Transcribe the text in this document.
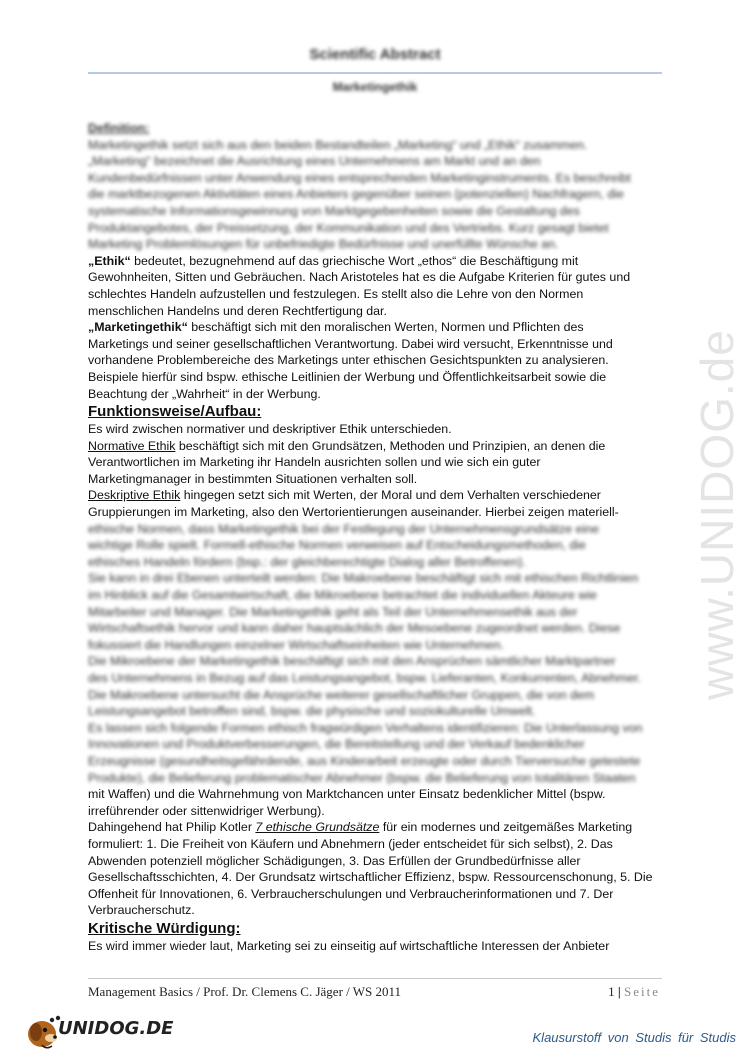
Scientific Abstract
Marketingethik

Definition:

Marketingethik setzt sich aus den beiden Bestandteilen „Marketing“ und „Ethik“ zusammen.

„Marketing“ bezeichnet die Ausrichtung eines Unternehmens am Markt und an den

Kundenbedürfnissen unter Anwendung eines entsprechenden Marketinginstruments. Es beschreibt

die marktbezogenen Aktivitäten eines Anbieters gegenüber seinen (potenziellen) Nachfragern, die

systematische Informationsgewinnung von Marktgegebenheiten sowie die Gestaltung des

Produktangebotes, der Preissetzung, der Kommunikation und des Vertriebs. Kurz gesagt bietet

Marketing Problemlösungen für unbefriedigte Bedürfnisse und unerfüllte Wünsche an.

„Ethik“ bedeutet, bezugnehmend auf das griechische Wort „ethos“ die Beschäftigung mit

Gewohnheiten, Sitten und Gebräuchen. Nach Aristoteles hat es die Aufgabe Kriterien für gutes und

schlechtes Handeln aufzustellen und festzulegen. Es stellt also die Lehre von den Normen

menschlichen Handelns und deren Rechtfertigung dar.

„Marketingethik“ beschäftigt sich mit den moralischen Werten, Normen und Pflichten des

Marketings und seiner gesellschaftlichen Verantwortung. Dabei wird versucht, Erkenntnisse und

vorhandene Problembereiche des Marketings unter ethischen Gesichtspunkten zu analysieren.

Beispiele hierfür sind bspw. ethische Leitlinien der Werbung und Öffentlichkeitsarbeit sowie die

Beachtung der „Wahrheit“ in der Werbung.

Funktionsweise/Aufbau:

Es wird zwischen normativer und deskriptiver Ethik unterschieden.

Normative Ethik beschäftigt sich mit den Grundsätzen, Methoden und Prinzipien, an denen die

Verantwortlichen im Marketing ihr Handeln ausrichten sollen und wie sich ein guter

Marketingmanager in bestimmten Situationen verhalten soll.

Deskriptive Ethik hingegen setzt sich mit Werten, der Moral und dem Verhalten verschiedener

Gruppierungen im Marketing, also den Wertorientierungen auseinander. Hierbei zeigen materiell-

ethische Normen, dass Marketingethik bei der Festlegung der Unternehmensgrundsätze eine

wichtige Rolle spielt. Formell-ethische Normen verweisen auf Entscheidungsmethoden, die

ethisches Handeln fördern (bsp.: der gleichberechtigte Dialog aller Betroffenen).

Sie kann in drei Ebenen unterteilt werden: Die Makroebene beschäftigt sich mit ethischen Richtlinien

im Hinblick auf die Gesamtwirtschaft, die Mikroebene betrachtet die individuellen Akteure wie

Mitarbeiter und Manager. Die Marketingethik geht als Teil der Unternehmensethik aus der

Wirtschaftsethik hervor und kann daher hauptsächlich der Mesoebene zugeordnet werden. Diese

fokussiert die Handlungen einzelner Wirtschaftseinheiten wie Unternehmen.

Die Mikroebene der Marketingethik beschäftigt sich mit den Ansprüchen sämtlicher Marktpartner

des Unternehmens in Bezug auf das Leistungsangebot, bspw. Lieferanten, Konkurrenten, Abnehmer.

Die Makroebene untersucht die Ansprüche weiterer gesellschaftlicher Gruppen, die von dem

Leistungsangebot betroffen sind, bspw. die physische und soziokulturelle Umwelt.

Es lassen sich folgende Formen ethisch fragwürdigen Verhaltens identifizieren: Die Unterlassung von

Innovationen und Produktverbesserungen, die Bereitstellung und der Verkauf bedenklicher

Erzeugnisse (gesundheitsgefährdende, aus Kinderarbeit erzeugte oder durch Tierversuche getestete

Produkte), die Belieferung problematischer Abnehmer (bspw. die Belieferung von totalitären Staaten

mit Waffen) und die Wahrnehmung von Marktchancen unter Einsatz bedenklicher Mittel (bspw.

irreführender oder sittenwidriger Werbung).

Dahingehend hat Philip Kotler 7 ethische Grundsätze für ein modernes und zeitgemäßes Marketing

formuliert: 1. Die Freiheit von Käufern und Abnehmern (jeder entscheidet für sich selbst), 2. Das

Abwenden potenziell möglicher Schädigungen, 3. Das Erfüllen der Grundbedürfnisse aller

Gesellschaftsschichten, 4. Der Grundsatz wirtschaftlicher Effizienz, bspw. Ressourcenschonung, 5. Die

Offenheit für Innovationen, 6. Verbraucherschulungen und Verbraucherinformationen und 7. Der

Verbraucherschutz.

Kritische Würdigung:

Es wird immer wieder laut, Marketing sei zu einseitig auf wirtschaftliche Interessen der Anbieter

Management Basics / Prof. Dr. Clemens C. Jäger / WS 2011	1 | Seite
www.UNIDOG.de
UNIDOG.DE	Klausurstoff von Studis für Studis
